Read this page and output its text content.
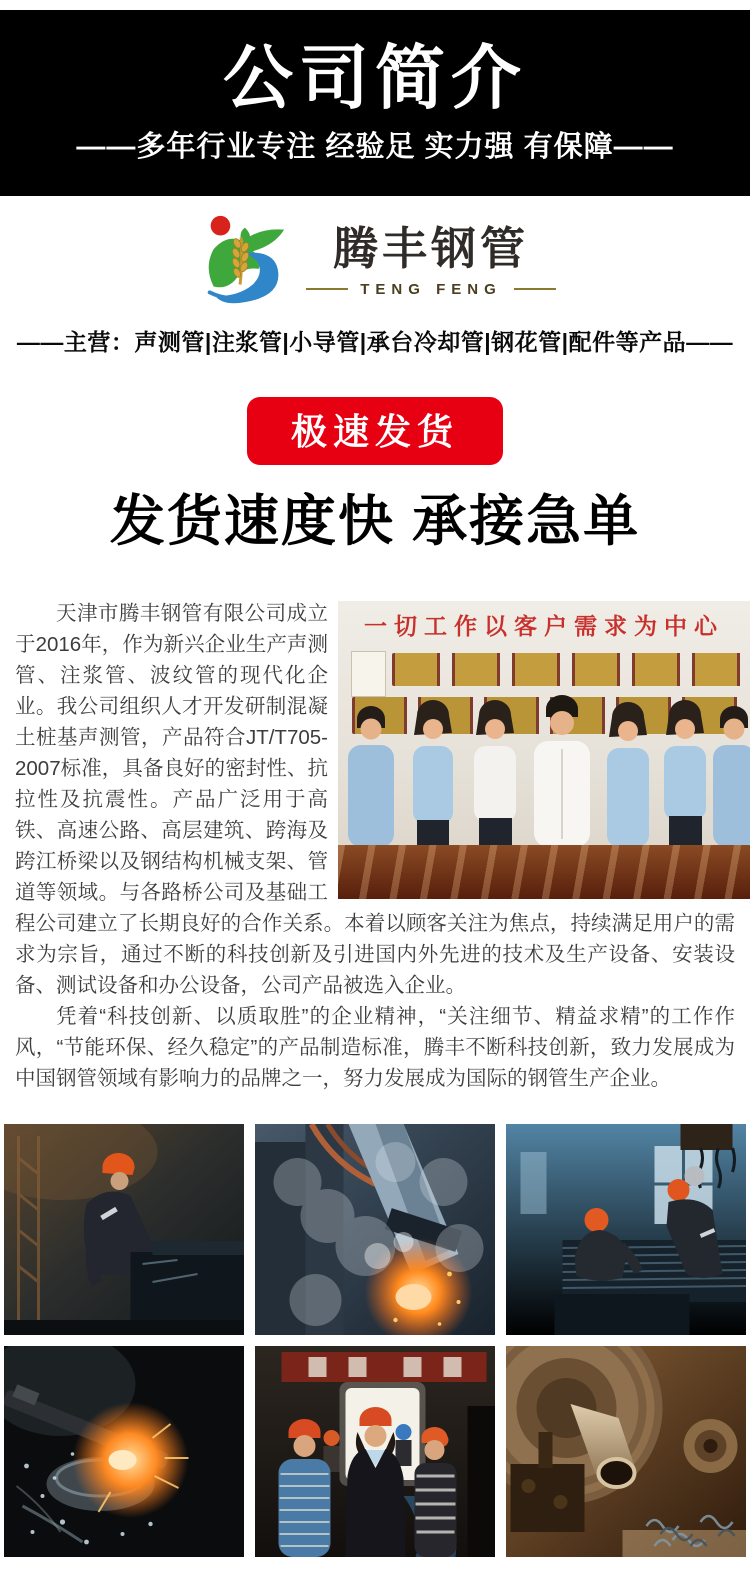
公司简介
——多年行业专注 经验足 实力强 有保障——
腾丰钢管
TENG FENG
——主营：声测管|注浆管|小导管|承台冷却管|钢花管|配件等产品——
极速发货
发货速度快 承接急单
一切工作以客户需求为中心

天津市腾丰钢管有限公司成立于2016年，作为新兴企业生产声测管、注浆管、波纹管的现代化企业。我公司组织人才开发研制混凝土桩基声测管，产品符合JT/T705-2007标准，具备良好的密封性、抗拉性及抗震性。产品广泛用于高铁、高速公路、高层建筑、跨海及跨江桥梁以及钢结构机械支架、管道等领域。与各路桥公司及基础工程公司建立了长期良好的合作关系。本着以顾客关注为焦点，持续满足用户的需求为宗旨，通过不断的科技创新及引进国内外先进的技术及生产设备、安装设备、测试设备和办公设备，公司产品被选入企业。

凭着“科技创新、以质取胜”的企业精神，“关注细节、精益求精”的工作作风，“节能环保、经久稳定”的产品制造标准，腾丰不断科技创新，致力发展成为中国钢管领域有影响力的品牌之一，努力发展成为国际的钢管生产企业。
